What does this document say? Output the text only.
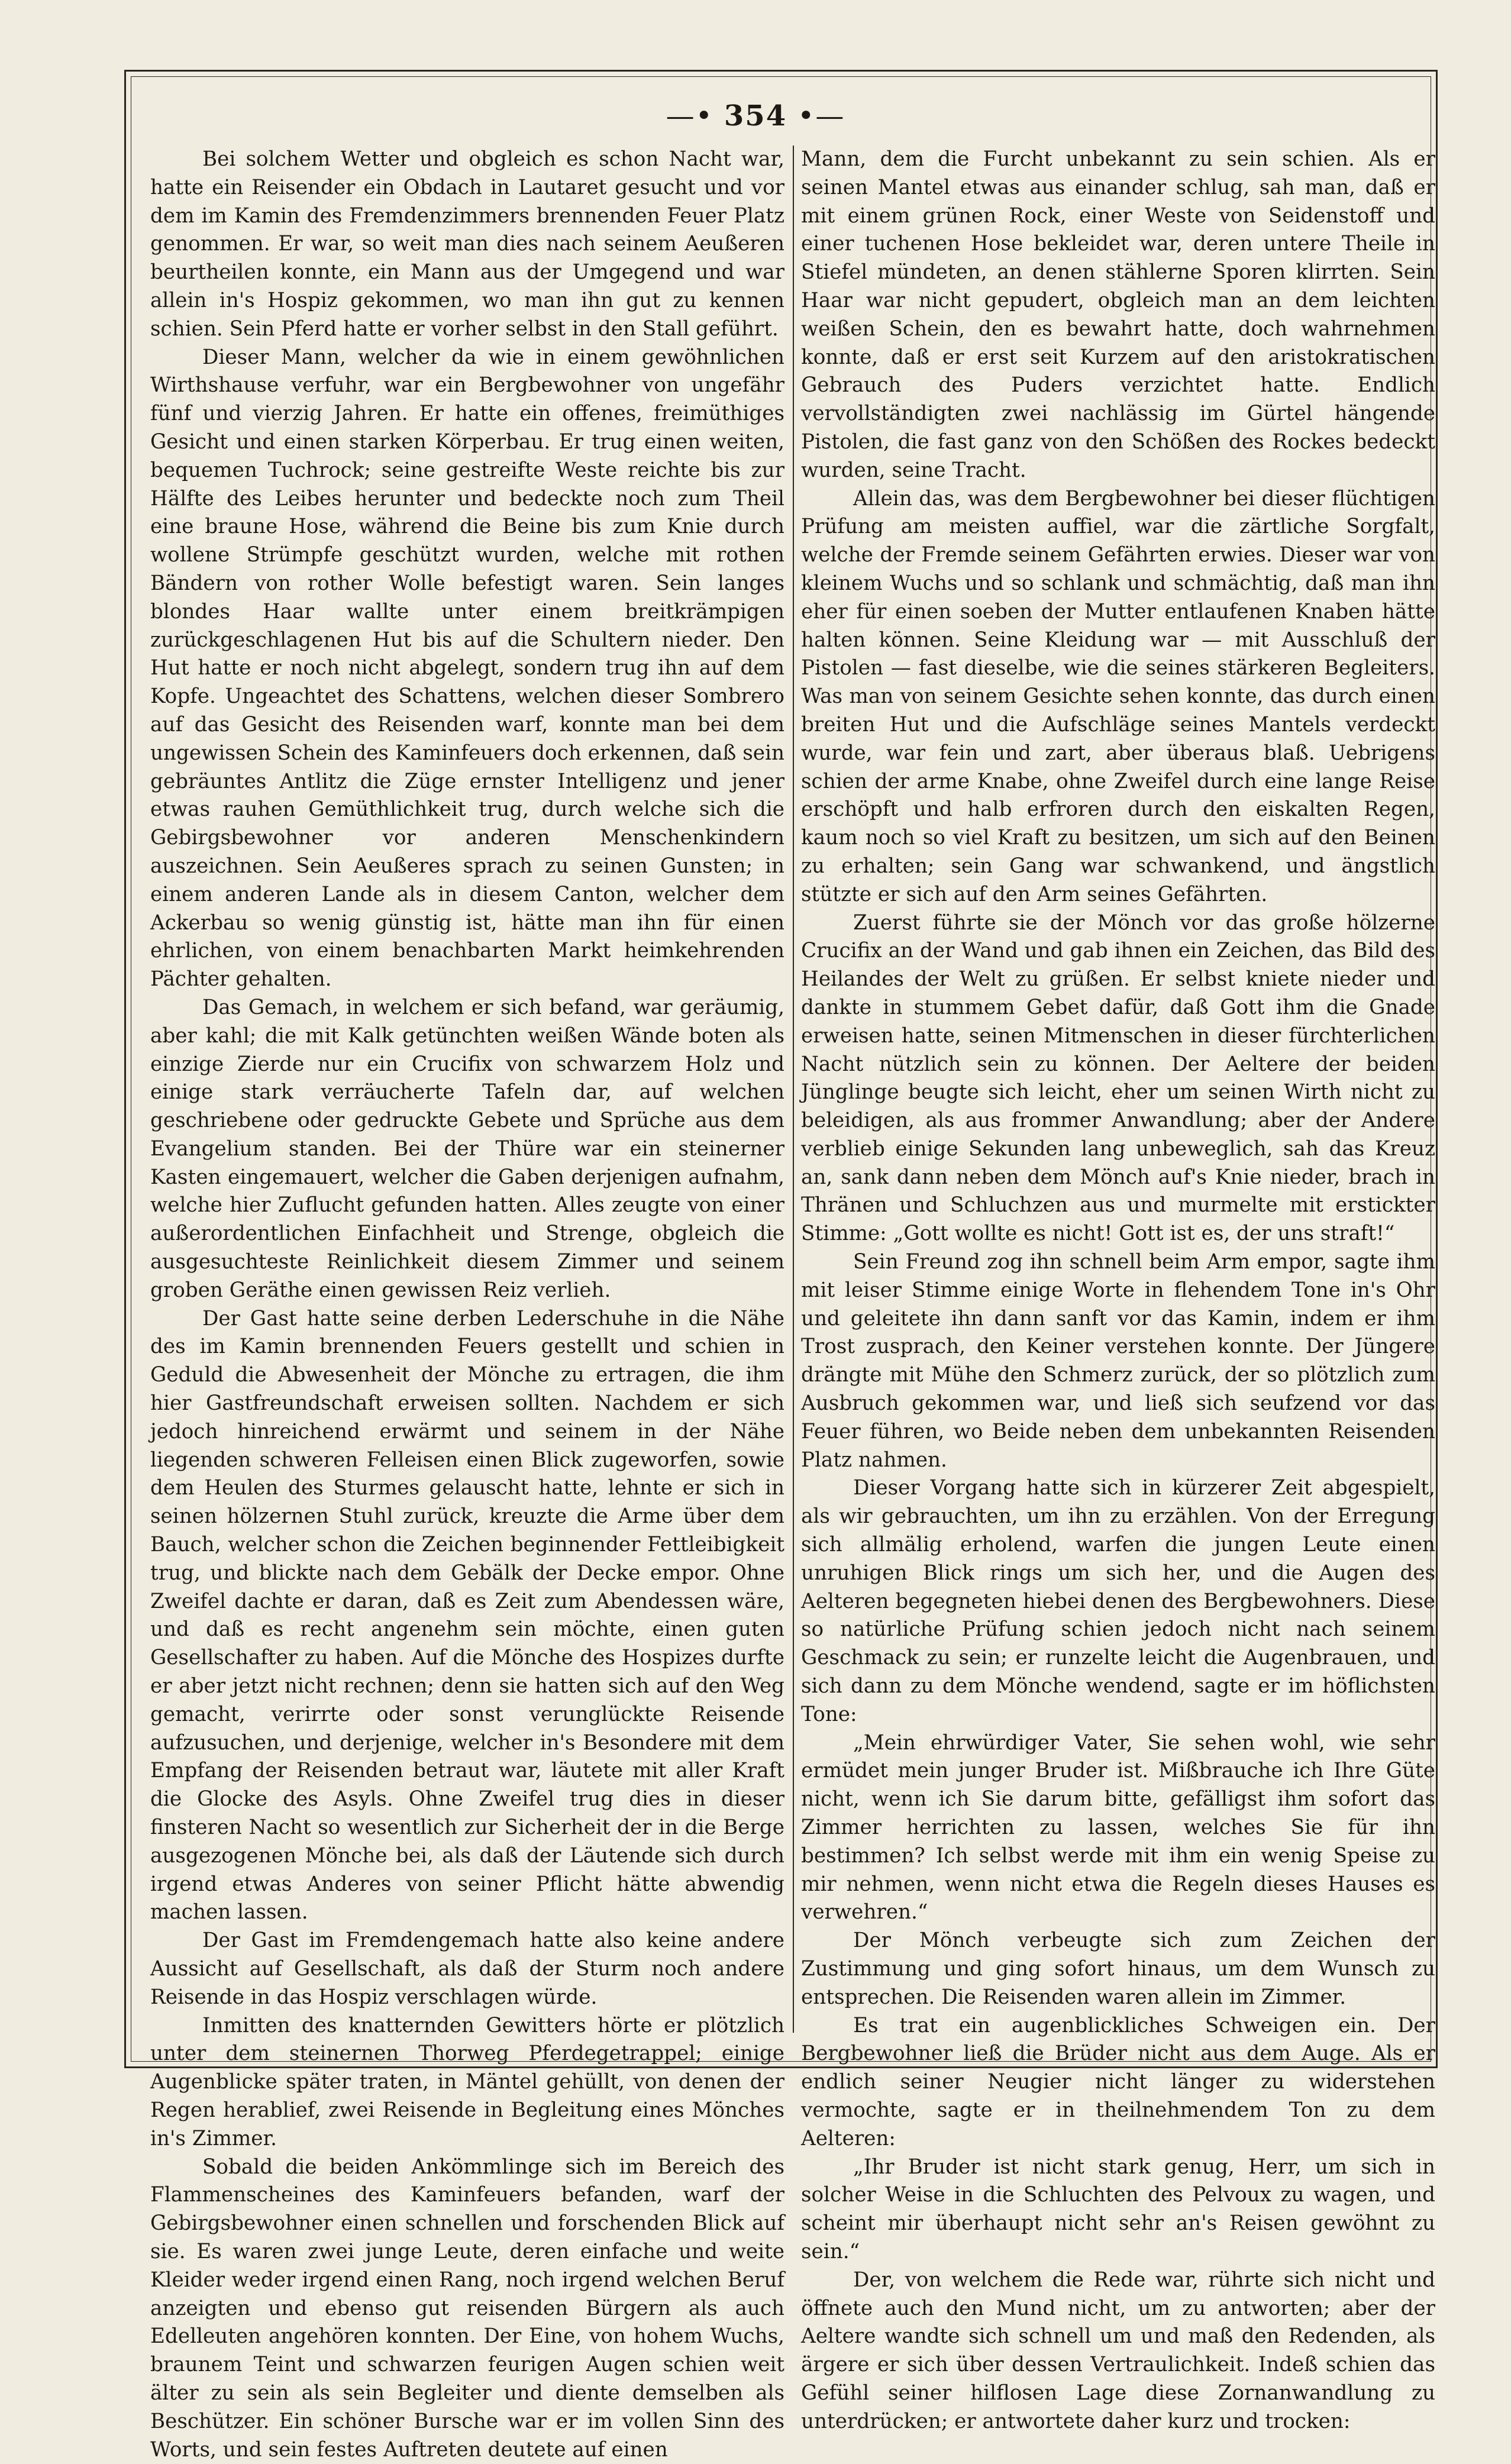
—• 354 •—

Bei solchem Wetter und obgleich es schon Nacht war, hatte ein Reisender ein Obdach in Lautaret gesucht und vor dem im Kamin des Fremdenzimmers brennenden Feuer Platz genommen. Er war, so weit man dies nach seinem Aeußeren beurtheilen konnte, ein Mann aus der Umgegend und war allein in's Hospiz gekommen, wo man ihn gut zu kennen schien. Sein Pferd hatte er vorher selbst in den Stall geführt.

Dieser Mann, welcher da wie in einem gewöhnlichen Wirthshause verfuhr, war ein Bergbewohner von ungefähr fünf und vierzig Jahren. Er hatte ein offenes, freimüthiges Gesicht und einen starken Körperbau. Er trug einen weiten, bequemen Tuchrock; seine gestreifte Weste reichte bis zur Hälfte des Leibes herunter und bedeckte noch zum Theil eine braune Hose, während die Beine bis zum Knie durch wollene Strümpfe geschützt wurden, welche mit rothen Bändern von rother Wolle befestigt waren. Sein langes blondes Haar wallte unter einem breitkrämpigen zurückgeschlagenen Hut bis auf die Schultern nieder. Den Hut hatte er noch nicht abgelegt, sondern trug ihn auf dem Kopfe. Ungeachtet des Schattens, welchen dieser Sombrero auf das Gesicht des Reisenden warf, konnte man bei dem ungewissen Schein des Kaminfeuers doch erkennen, daß sein gebräuntes Antlitz die Züge ernster Intelligenz und jener etwas rauhen Gemüthlichkeit trug, durch welche sich die Gebirgsbewohner vor anderen Menschenkindern auszeichnen. Sein Aeußeres sprach zu seinen Gunsten; in einem anderen Lande als in diesem Canton, welcher dem Ackerbau so wenig günstig ist, hätte man ihn für einen ehrlichen, von einem benachbarten Markt heimkehrenden Pächter gehalten.

Das Gemach, in welchem er sich befand, war geräumig, aber kahl; die mit Kalk getünchten weißen Wände boten als einzige Zierde nur ein Crucifix von schwarzem Holz und einige stark verräucherte Tafeln dar, auf welchen geschriebene oder gedruckte Gebete und Sprüche aus dem Evangelium standen. Bei der Thüre war ein steinerner Kasten eingemauert, welcher die Gaben derjenigen aufnahm, welche hier Zuflucht gefunden hatten. Alles zeugte von einer außerordentlichen Einfachheit und Strenge, obgleich die ausgesuchteste Reinlichkeit diesem Zimmer und seinem groben Geräthe einen gewissen Reiz verlieh.

Der Gast hatte seine derben Lederschuhe in die Nähe des im Kamin brennenden Feuers gestellt und schien in Geduld die Abwesenheit der Mönche zu ertragen, die ihm hier Gastfreundschaft erweisen sollten. Nachdem er sich jedoch hinreichend erwärmt und seinem in der Nähe liegenden schweren Felleisen einen Blick zugeworfen, sowie dem Heulen des Sturmes gelauscht hatte, lehnte er sich in seinen hölzernen Stuhl zurück, kreuzte die Arme über dem Bauch, welcher schon die Zeichen beginnender Fettleibigkeit trug, und blickte nach dem Gebälk der Decke empor. Ohne Zweifel dachte er daran, daß es Zeit zum Abendessen wäre, und daß es recht angenehm sein möchte, einen guten Gesellschafter zu haben. Auf die Mönche des Hospizes durfte er aber jetzt nicht rechnen; denn sie hatten sich auf den Weg gemacht, verirrte oder sonst verunglückte Reisende aufzusuchen, und derjenige, welcher in's Besondere mit dem Empfang der Reisenden betraut war, läutete mit aller Kraft die Glocke des Asyls. Ohne Zweifel trug dies in dieser finsteren Nacht so wesentlich zur Sicherheit der in die Berge ausgezogenen Mönche bei, als daß der Läutende sich durch irgend etwas Anderes von seiner Pflicht hätte abwendig machen lassen.

Der Gast im Fremdengemach hatte also keine andere Aussicht auf Gesellschaft, als daß der Sturm noch andere Reisende in das Hospiz verschlagen würde.

Inmitten des knatternden Gewitters hörte er plötzlich unter dem steinernen Thorweg Pferdegetrappel; einige Augenblicke später traten, in Mäntel gehüllt, von denen der Regen herablief, zwei Reisende in Begleitung eines Mönches in's Zimmer.

Sobald die beiden Ankömmlinge sich im Bereich des Flammenscheines des Kaminfeuers befanden, warf der Gebirgsbewohner einen schnellen und forschenden Blick auf sie. Es waren zwei junge Leute, deren einfache und weite Kleider weder irgend einen Rang, noch irgend welchen Beruf anzeigten und ebenso gut reisenden Bürgern als auch Edelleuten angehören konnten. Der Eine, von hohem Wuchs, braunem Teint und schwarzen feurigen Augen schien weit älter zu sein als sein Begleiter und diente demselben als Beschützer. Ein schöner Bursche war er im vollen Sinn des Worts, und sein festes Auftreten deutete auf einen

Mann, dem die Furcht unbekannt zu sein schien. Als er seinen Mantel etwas aus einander schlug, sah man, daß er mit einem grünen Rock, einer Weste von Seidenstoff und einer tuchenen Hose bekleidet war, deren untere Theile in Stiefel mündeten, an denen stählerne Sporen klirrten. Sein Haar war nicht gepudert, obgleich man an dem leichten weißen Schein, den es bewahrt hatte, doch wahrnehmen konnte, daß er erst seit Kurzem auf den aristokratischen Gebrauch des Puders verzichtet hatte. Endlich vervollständigten zwei nachlässig im Gürtel hängende Pistolen, die fast ganz von den Schößen des Rockes bedeckt wurden, seine Tracht.

Allein das, was dem Bergbewohner bei dieser flüchtigen Prüfung am meisten auffiel, war die zärtliche Sorgfalt, welche der Fremde seinem Gefährten erwies. Dieser war von kleinem Wuchs und so schlank und schmächtig, daß man ihn eher für einen soeben der Mutter entlaufenen Knaben hätte halten können. Seine Kleidung war — mit Ausschluß der Pistolen — fast dieselbe, wie die seines stärkeren Begleiters. Was man von seinem Gesichte sehen konnte, das durch einen breiten Hut und die Aufschläge seines Mantels verdeckt wurde, war fein und zart, aber überaus blaß. Uebrigens schien der arme Knabe, ohne Zweifel durch eine lange Reise erschöpft und halb erfroren durch den eiskalten Regen, kaum noch so viel Kraft zu besitzen, um sich auf den Beinen zu erhalten; sein Gang war schwankend, und ängstlich stützte er sich auf den Arm seines Gefährten.

Zuerst führte sie der Mönch vor das große hölzerne Crucifix an der Wand und gab ihnen ein Zeichen, das Bild des Heilandes der Welt zu grüßen. Er selbst kniete nieder und dankte in stummem Gebet dafür, daß Gott ihm die Gnade erweisen hatte, seinen Mitmenschen in dieser fürchterlichen Nacht nützlich sein zu können. Der Aeltere der beiden Jünglinge beugte sich leicht, eher um seinen Wirth nicht zu beleidigen, als aus frommer Anwandlung; aber der Andere verblieb einige Sekunden lang unbeweglich, sah das Kreuz an, sank dann neben dem Mönch auf's Knie nieder, brach in Thränen und Schluchzen aus und murmelte mit erstickter Stimme: „Gott wollte es nicht! Gott ist es, der uns straft!“

Sein Freund zog ihn schnell beim Arm empor, sagte ihm mit leiser Stimme einige Worte in flehendem Tone in's Ohr und geleitete ihn dann sanft vor das Kamin, indem er ihm Trost zusprach, den Keiner verstehen konnte. Der Jüngere drängte mit Mühe den Schmerz zurück, der so plötzlich zum Ausbruch gekommen war, und ließ sich seufzend vor das Feuer führen, wo Beide neben dem unbekannten Reisenden Platz nahmen.

Dieser Vorgang hatte sich in kürzerer Zeit abgespielt, als wir gebrauchten, um ihn zu erzählen. Von der Erregung sich allmälig erholend, warfen die jungen Leute einen unruhigen Blick rings um sich her, und die Augen des Aelteren begegneten hiebei denen des Bergbewohners. Diese so natürliche Prüfung schien jedoch nicht nach seinem Geschmack zu sein; er runzelte leicht die Augenbrauen, und sich dann zu dem Mönche wendend, sagte er im höflichsten Tone:

„Mein ehrwürdiger Vater, Sie sehen wohl, wie sehr ermüdet mein junger Bruder ist. Mißbrauche ich Ihre Güte nicht, wenn ich Sie darum bitte, gefälligst ihm sofort das Zimmer herrichten zu lassen, welches Sie für ihn bestimmen? Ich selbst werde mit ihm ein wenig Speise zu mir nehmen, wenn nicht etwa die Regeln dieses Hauses es verwehren.“

Der Mönch verbeugte sich zum Zeichen der Zustimmung und ging sofort hinaus, um dem Wunsch zu entsprechen. Die Reisenden waren allein im Zimmer.

Es trat ein augenblickliches Schweigen ein. Der Bergbewohner ließ die Brüder nicht aus dem Auge. Als er endlich seiner Neugier nicht länger zu widerstehen vermochte, sagte er in theilnehmendem Ton zu dem Aelteren:

„Ihr Bruder ist nicht stark genug, Herr, um sich in solcher Weise in die Schluchten des Pelvoux zu wagen, und scheint mir überhaupt nicht sehr an's Reisen gewöhnt zu sein.“

Der, von welchem die Rede war, rührte sich nicht und öffnete auch den Mund nicht, um zu antworten; aber der Aeltere wandte sich schnell um und maß den Redenden, als ärgere er sich über dessen Vertraulichkeit. Indeß schien das Gefühl seiner hilflosen Lage diese Zornanwandlung zu unterdrücken; er antwortete daher kurz und trocken:
